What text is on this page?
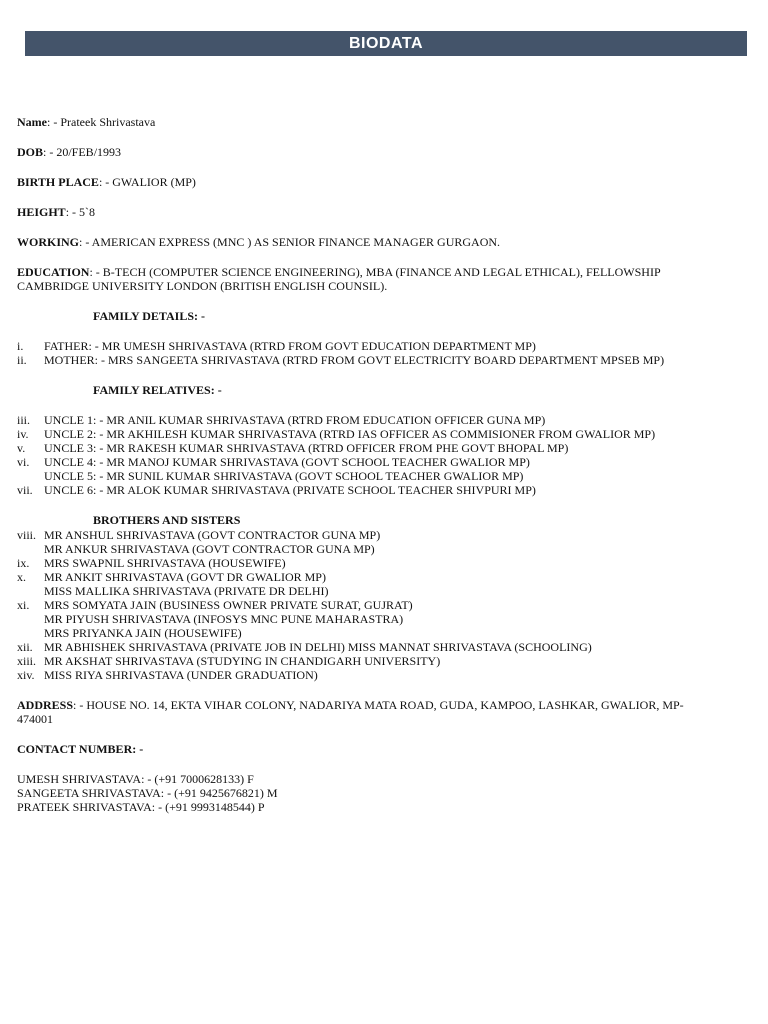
BIODATA
Name: - Prateek Shrivastava
DOB: - 20/FEB/1993
BIRTH PLACE: - GWALIOR (MP)
HEIGHT: - 5`8
WORKING: - AMERICAN EXPRESS (MNC ) AS SENIOR FINANCE MANAGER GURGAON.
EDUCATION: - B-TECH (COMPUTER SCIENCE ENGINEERING), MBA (FINANCE AND LEGAL ETHICAL), FELLOWSHIP CAMBRIDGE UNIVERSITY LONDON (BRITISH ENGLISH COUNSIL).
FAMILY DETAILS: -
i. FATHER: - MR UMESH SHRIVASTAVA (RTRD FROM GOVT EDUCATION DEPARTMENT MP)
ii. MOTHER: - MRS SANGEETA SHRIVASTAVA (RTRD FROM GOVT ELECTRICITY BOARD DEPARTMENT MPSEB MP)
FAMILY RELATIVES: -
iii. UNCLE 1: - MR ANIL KUMAR SHRIVASTAVA (RTRD FROM EDUCATION OFFICER GUNA MP)
iv. UNCLE 2: - MR AKHILESH KUMAR SHRIVASTAVA (RTRD IAS OFFICER AS COMMISIONER FROM GWALIOR MP)
v. UNCLE 3: - MR RAKESH KUMAR SHRIVASTAVA (RTRD OFFICER FROM PHE GOVT BHOPAL MP)
vi. UNCLE 4: - MR MANOJ KUMAR SHRIVASTAVA (GOVT SCHOOL TEACHER GWALIOR MP)
UNCLE 5: - MR SUNIL KUMAR SHRIVASTAVA (GOVT SCHOOL TEACHER GWALIOR MP)
vii. UNCLE 6: - MR ALOK KUMAR SHRIVASTAVA (PRIVATE SCHOOL TEACHER SHIVPURI MP)
BROTHERS AND SISTERS
viii. MR ANSHUL SHRIVASTAVA (GOVT CONTRACTOR GUNA MP)
MR ANKUR SHRIVASTAVA (GOVT CONTRACTOR GUNA MP)
ix. MRS SWAPNIL SHRIVASTAVA (HOUSEWIFE)
x. MR ANKIT SHRIVASTAVA (GOVT DR GWALIOR MP)
MISS MALLIKA SHRIVASTAVA (PRIVATE DR DELHI)
xi. MRS SOMYATA JAIN (BUSINESS OWNER PRIVATE SURAT, GUJRAT)
MR PIYUSH SHRIVASTAVA (INFOSYS MNC PUNE MAHARASTRA)
MRS PRIYANKA JAIN (HOUSEWIFE)
xii. MR ABHISHEK SHRIVASTAVA (PRIVATE JOB IN DELHI) MISS MANNAT SHRIVASTAVA (SCHOOLING)
xiii. MR AKSHAT SHRIVASTAVA (STUDYING IN CHANDIGARH UNIVERSITY)
xiv. MISS RIYA SHRIVASTAVA (UNDER GRADUATION)
ADDRESS: - HOUSE NO. 14, EKTA VIHAR COLONY, NADARIYA MATA ROAD, GUDA, KAMPOO, LASHKAR, GWALIOR, MP-474001
CONTACT NUMBER: -
UMESH SHRIVASTAVA: - (+91 7000628133) F
SANGEETA SHRIVASTAVA: - (+91 9425676821) M
PRATEEK SHRIVASTAVA: - (+91 9993148544) P
